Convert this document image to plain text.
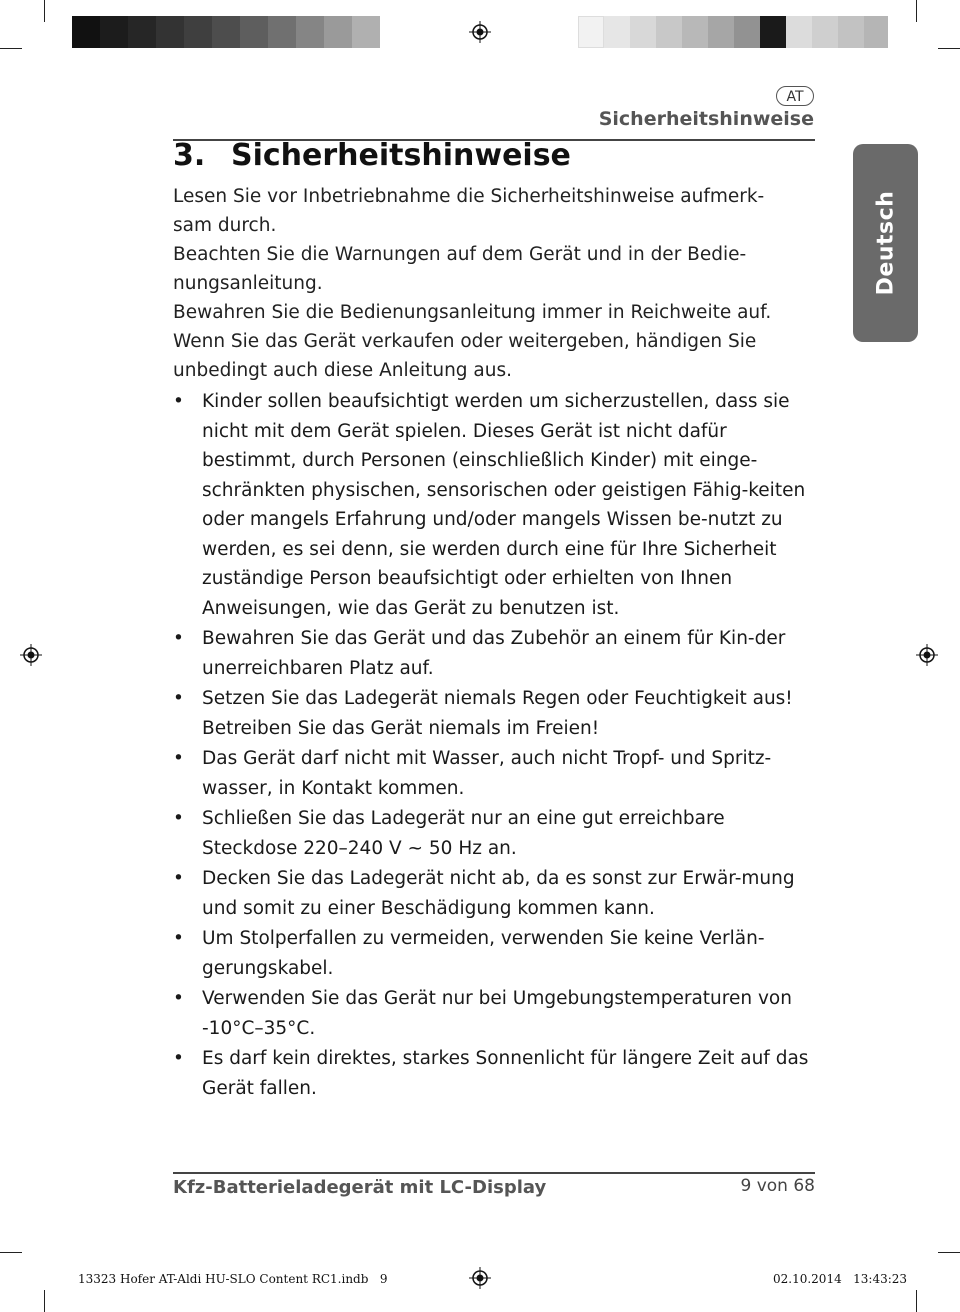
AT
Sicherheitshinweise
Deutsch
3. Sicherheitshinweise

Lesen Sie vor Inbetriebnahme die Sicherheitshinweise aufmerk-sam durch.

Beachten Sie die Warnungen auf dem Gerät und in der Bedie-nungsanleitung.

Bewahren Sie die Bedienungsanleitung immer in Reichweite auf. Wenn Sie das Gerät verkaufen oder weitergeben, händigen Sie unbedingt auch diese Anleitung aus.

• Kinder sollen beaufsichtigt werden um sicherzustellen, dass sie nicht mit dem Gerät spielen. Dieses Gerät ist nicht dafür bestimmt, durch Personen (einschließlich Kinder) mit einge-schränkten physischen, sensorischen oder geistigen Fähig-keiten oder mangels Erfahrung und/oder mangels Wissen be-nutzt zu werden, es sei denn, sie werden durch eine für Ihre Sicherheit zuständige Person beaufsichtigt oder erhielten von Ihnen Anweisungen, wie das Gerät zu benutzen ist.
• Bewahren Sie das Gerät und das Zubehör an einem für Kin-der unerreichbaren Platz auf.
• Setzen Sie das Ladegerät niemals Regen oder Feuchtigkeit aus! Betreiben Sie das Gerät niemals im Freien!
• Das Gerät darf nicht mit Wasser, auch nicht Tropf- und Spritz-wasser, in Kontakt kommen.
• Schließen Sie das Ladegerät nur an eine gut erreichbare Steckdose 220–240 V ~ 50 Hz an.
• Decken Sie das Ladegerät nicht ab, da es sonst zur Erwär-mung und somit zu einer Beschädigung kommen kann.
• Um Stolperfallen zu vermeiden, verwenden Sie keine Verlän-gerungskabel.
• Verwenden Sie das Gerät nur bei Umgebungstemperaturen von -10°C–35°C.
• Es darf kein direktes, starkes Sonnenlicht für längere Zeit auf das Gerät fallen.
Kfz-Batterieladegerät mit LC-Display	9 von 68
13323 Hofer AT-Aldi HU-SLO Content RC1.indb   9	02.10.2014   13:43:23
